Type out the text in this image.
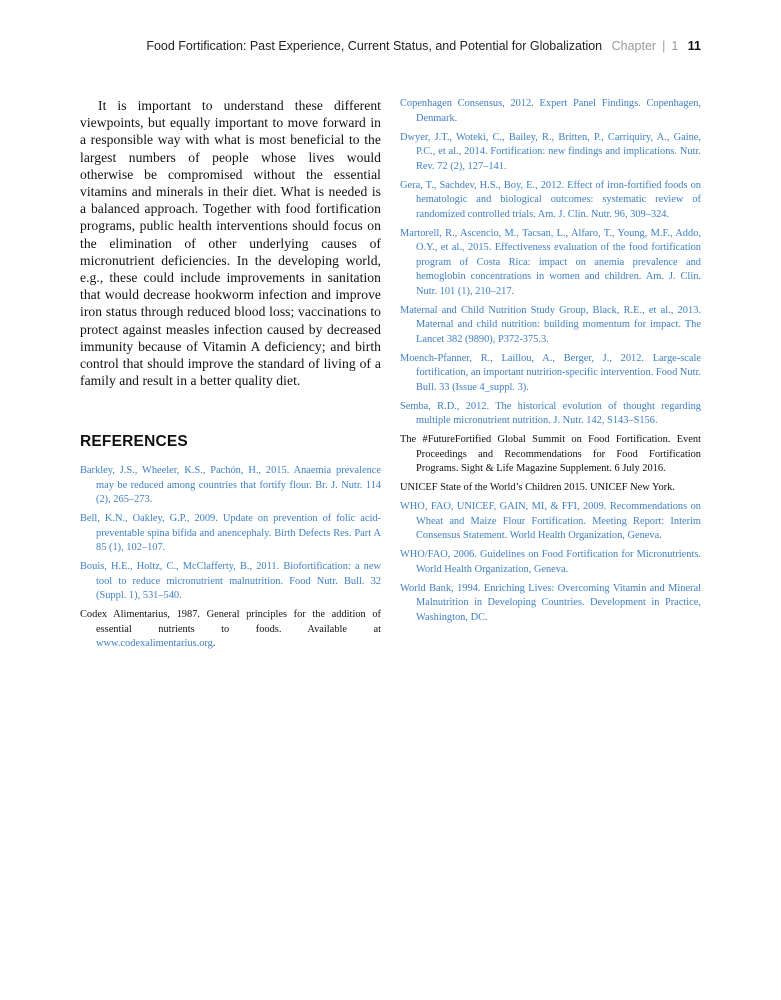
Food Fortification: Past Experience, Current Status, and Potential for Globalization Chapter | 1 11

It is important to understand these different viewpoints, but equally important to move forward in a responsible way with what is most beneficial to the largest numbers of people whose lives would otherwise be compromised without the essential vitamins and minerals in their diet. What is needed is a balanced approach. Together with food fortification programs, public health interventions should focus on the elimination of other underlying causes of micronutrient deficiencies. In the developing world, e.g., these could include improvements in sanitation that would decrease hookworm infection and improve iron status through reduced blood loss; vaccinations to protect against measles infection caused by decreased immunity because of Vitamin A deficiency; and birth control that should improve the standard of living of a family and result in a better quality diet.

REFERENCES
Barkley, J.S., Wheeler, K.S., Pachón, H., 2015. Anaemia prevalence may be reduced among countries that fortify flour. Br. J. Nutr. 114 (2), 265–273.
Bell, K.N., Oakley, G.P., 2009. Update on prevention of folic acid-preventable spina bifida and anencephaly. Birth Defects Res. Part A 85 (1), 102–107.
Bouis, H.E., Holtz, C., McClafferty, B., 2011. Biofortification: a new tool to reduce micronutrient malnutrition. Food Nutr. Bull. 32 (Suppl. 1), 531–540.
Codex Alimentarius, 1987. General principles for the addition of essential nutrients to foods. Available at www.codexalimentarius.org.
Copenhagen Consensus, 2012. Expert Panel Findings. Copenhagen, Denmark.
Dwyer, J.T., Woteki, C., Bailey, R., Britten, P., Carriquiry, A., Gaine, P.C., et al., 2014. Fortification: new findings and implications. Nutr. Rev. 72 (2), 127–141.
Gera, T., Sachdev, H.S., Boy, E., 2012. Effect of iron-fortified foods on hematologic and biological outcomes: systematic review of randomized controlled trials. Am. J. Clin. Nutr. 96, 309–324.
Martorell, R., Ascencio, M., Tacsan, L., Alfaro, T., Young, M.F., Addo, O.Y., et al., 2015. Effectiveness evaluation of the food fortification program of Costa Rica: impact on anemia prevalence and hemoglobin concentrations in women and children. Am. J. Clin. Nutr. 101 (1), 210–217.
Maternal and Child Nutrition Study Group, Black, R.E., et al., 2013. Maternal and child nutrition: building momentum for impact. The Lancet 382 (9890), P372-375.3.
Moench-Pfanner, R., Laillou, A., Berger, J., 2012. Large-scale fortification, an important nutrition-specific intervention. Food Nutr. Bull. 33 (Issue 4_suppl. 3).
Semba, R.D., 2012. The historical evolution of thought regarding multiple micronutrient nutrition. J. Nutr. 142, S143–S156.
The #FutureFortified Global Summit on Food Fortification. Event Proceedings and Recommendations for Food Fortification Programs. Sight & Life Magazine Supplement. 6 July 2016.
UNICEF State of the World’s Children 2015. UNICEF New York.
WHO, FAO, UNICEF, GAIN, MI, & FFI, 2009. Recommendations on Wheat and Maize Flour Fortification. Meeting Report: Interim Consensus Statement. World Health Organization, Geneva.
WHO/FAO, 2006. Guidelines on Food Fortification for Micronutrients. World Health Organization, Geneva.
World Bank, 1994. Enriching Lives: Overcoming Vitamin and Mineral Malnutrition in Developing Countries. Development in Practice, Washington, DC.
